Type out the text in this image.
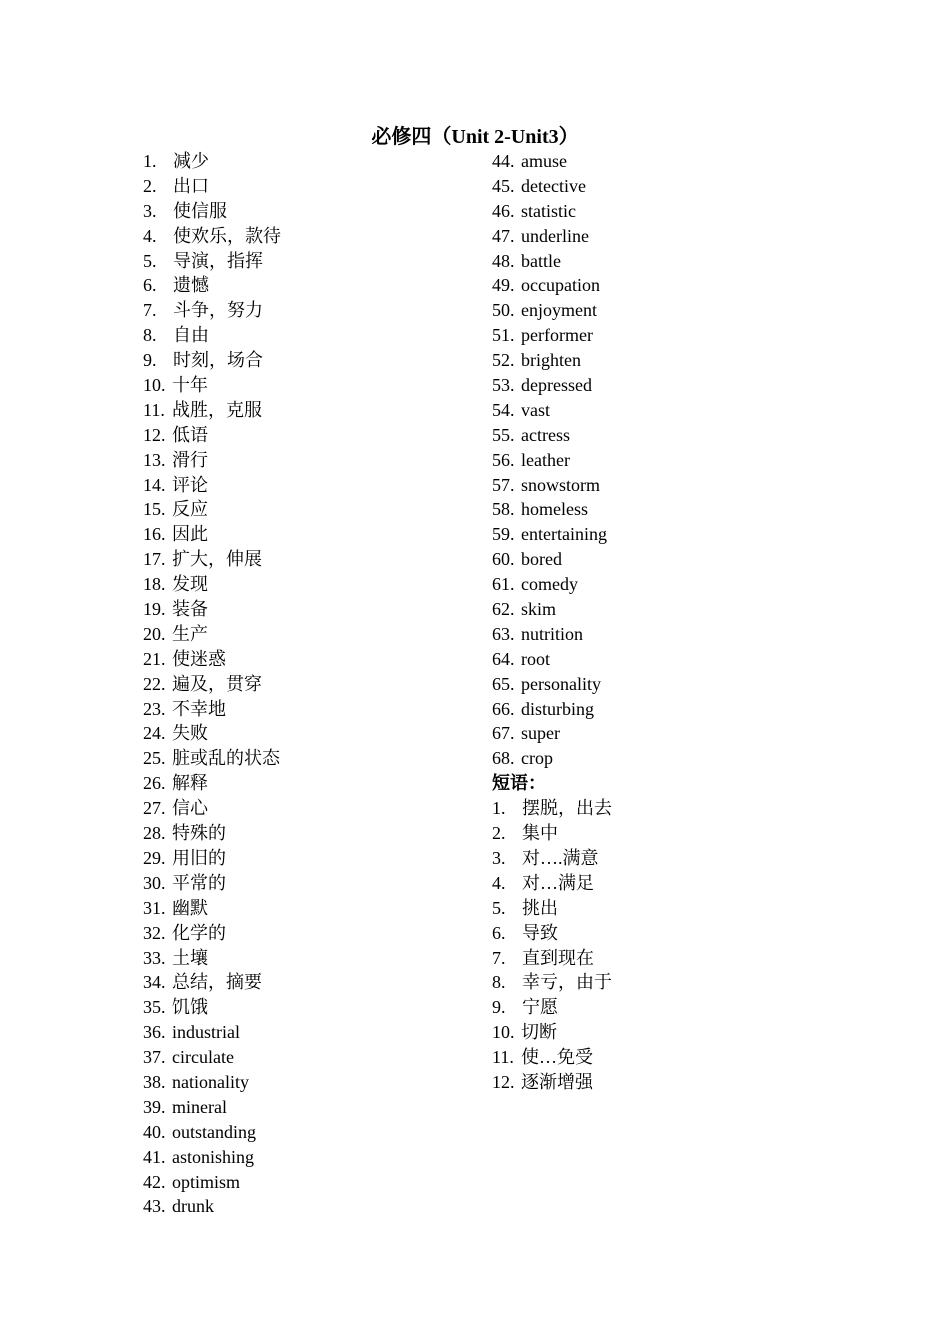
必修四（Unit 2-Unit3）
1. 减少
2. 出口
3. 使信服
4. 使欢乐，款待
5. 导演，指挥
6. 遗憾
7. 斗争，努力
8. 自由
9. 时刻，场合
10. 十年
11. 战胜，克服
12. 低语
13. 滑行
14. 评论
15. 反应
16. 因此
17. 扩大，伸展
18. 发现
19. 装备
20. 生产
21. 使迷惑
22. 遍及，贯穿
23. 不幸地
24. 失败
25. 脏或乱的状态
26. 解释
27. 信心
28. 特殊的
29. 用旧的
30. 平常的
31. 幽默
32. 化学的
33. 土壤
34. 总结，摘要
35. 饥饿
36. industrial
37. circulate
38. nationality
39. mineral
40. outstanding
41. astonishing
42. optimism
43. drunk
44. amuse
45. detective
46. statistic
47. underline
48. battle
49. occupation
50. enjoyment
51. performer
52. brighten
53. depressed
54. vast
55. actress
56. leather
57. snowstorm
58. homeless
59. entertaining
60. bored
61. comedy
62. skim
63. nutrition
64. root
65. personality
66. disturbing
67. super
68. crop
短语：
1. 摆脱，出去
2. 集中
3. 对….满意
4. 对…满足
5. 挑出
6. 导致
7. 直到现在
8. 幸亏，由于
9. 宁愿
10. 切断
11. 使…免受
12. 逐渐增强
